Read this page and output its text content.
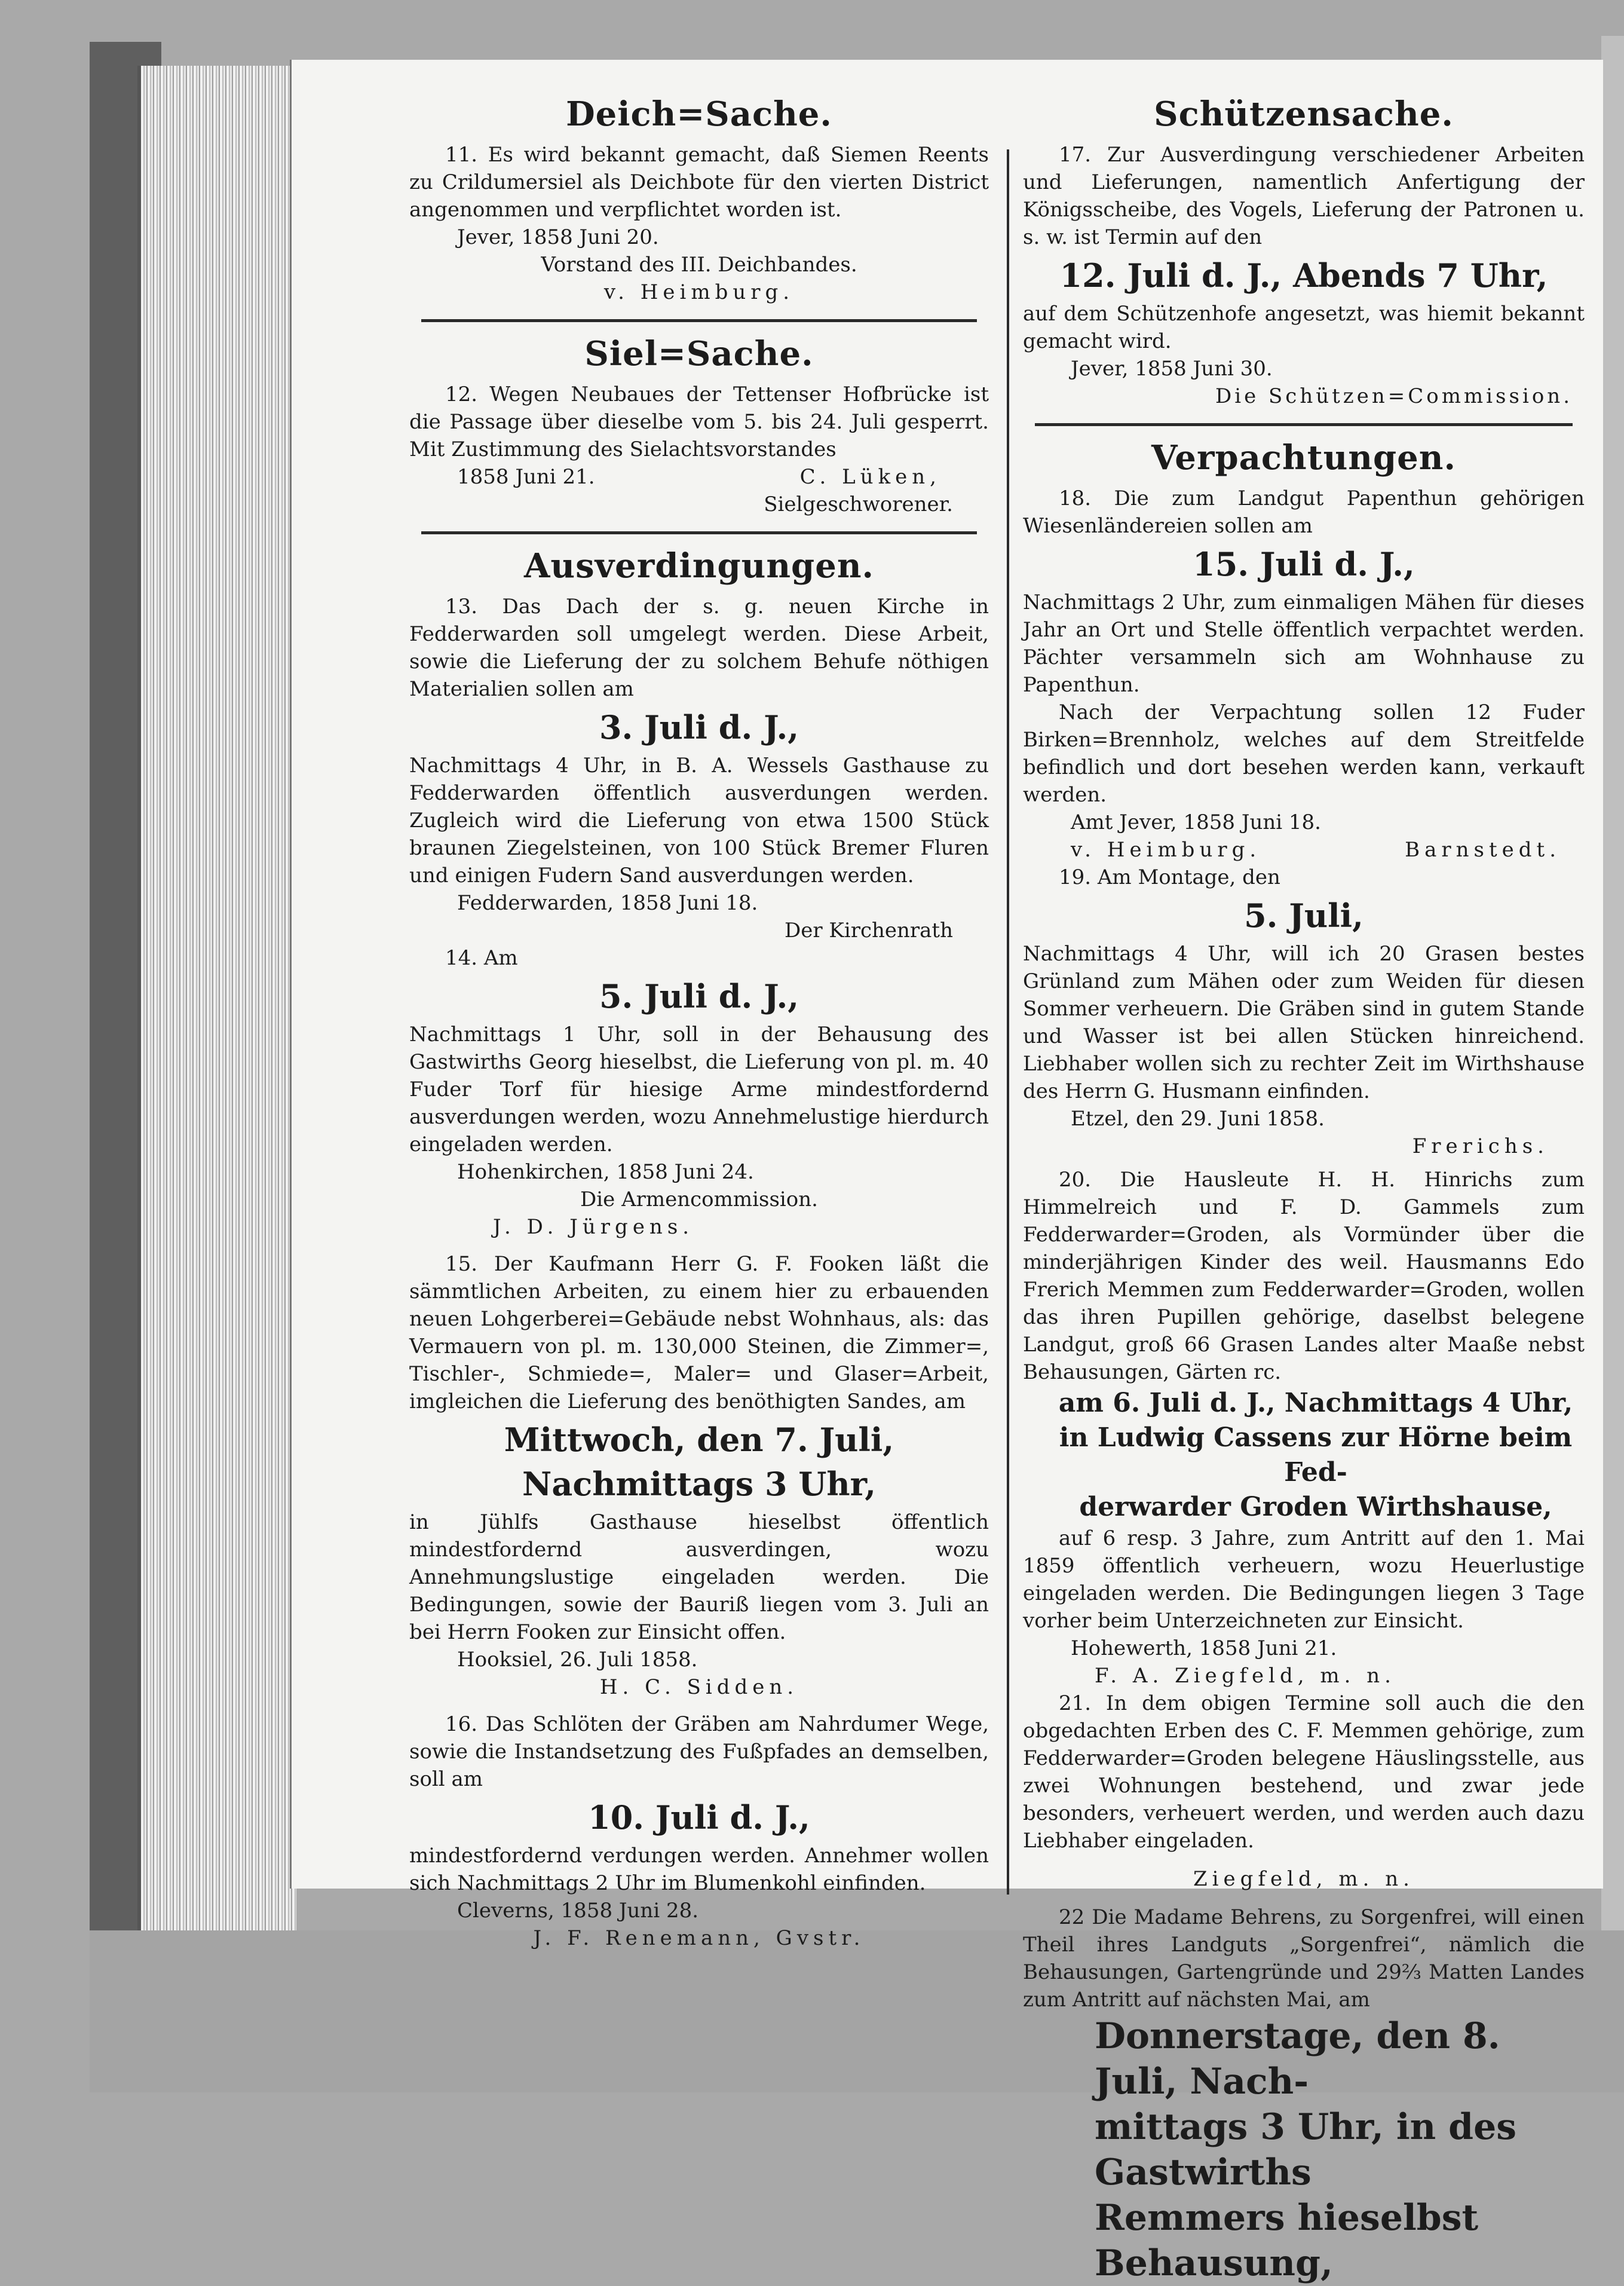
Deich=Sache.

11. Es wird bekannt gemacht, daß Siemen Reents zu Crildumersiel als Deichbote für den vierten District angenommen und verpflichtet worden ist.

Jever, 1858 Juni 20.
Vorstand des III. Deichbandes.
v. Heimburg.
Siel=Sache.

12. Wegen Neubaues der Tettenser Hofbrücke ist die Passage über dieselbe vom 5. bis 24. Juli gesperrt. Mit Zustimmung des Sielachtsvorstandes

1858 Juni 21.	C. Lüken,
Sielgeschworener.
Ausverdingungen.

13. Das Dach der s. g. neuen Kirche in Fedderwarden soll umgelegt werden. Diese Arbeit, sowie die Lieferung der zu solchem Behufe nöthigen Materialien sollen am

3. Juli d. J.,

Nachmittags 4 Uhr, in B. A. Wessels Gasthause zu Fedderwarden öffentlich ausverdungen werden. Zugleich wird die Lieferung von etwa 1500 Stück braunen Ziegelsteinen, von 100 Stück Bremer Fluren und einigen Fudern Sand ausverdungen werden.

Fedderwarden, 1858 Juni 18.
Der Kirchenrath
14. Am
5. Juli d. J.,

Nachmittags 1 Uhr, soll in der Behausung des Gastwirths Georg hieselbst, die Lieferung von pl. m. 40 Fuder Torf für hiesige Arme mindestfordernd ausverdungen werden, wozu Annehmelustige hierdurch eingeladen werden.

Hohenkirchen, 1858 Juni 24.
Die Armencommission.
J. D. Jürgens.

15. Der Kaufmann Herr G. F. Fooken läßt die sämmtlichen Arbeiten, zu einem hier zu erbauenden neuen Lohgerberei=Gebäude nebst Wohnhaus, als: das Vermauern von pl. m. 130,000 Steinen, die Zimmer=, Tischler-, Schmiede=, Maler= und Glaser=Arbeit, imgleichen die Lieferung des benöthigten Sandes, am

Mittwoch, den 7. Juli,
Nachmittags 3 Uhr,

in Jühlfs Gasthause hieselbst öffentlich mindestfordernd ausverdingen, wozu Annehmungslustige eingeladen werden. Die Bedingungen, sowie der Bauriß liegen vom 3. Juli an bei Herrn Fooken zur Einsicht offen.

Hooksiel, 26. Juli 1858.
H. C. Sidden.

16. Das Schlöten der Gräben am Nahrdumer Wege, sowie die Instandsetzung des Fußpfades an demselben, soll am

10. Juli d. J.,

mindestfordernd verdungen werden. Annehmer wollen sich Nachmittags 2 Uhr im Blumenkohl einfinden.

Cleverns, 1858 Juni 28.
J. F. Renemann, Gvstr.
Schützensache.

17. Zur Ausverdingung verschiedener Arbeiten und Lieferungen, namentlich Anfertigung der Königsscheibe, des Vogels, Lieferung der Patronen u. s. w. ist Termin auf den

12. Juli d. J., Abends 7 Uhr,

auf dem Schützenhofe angesetzt, was hiemit bekannt gemacht wird.

Jever, 1858 Juni 30.
Die Schützen=Commission.
Verpachtungen.

18. Die zum Landgut Papenthun gehörigen Wiesenländereien sollen am

15. Juli d. J.,

Nachmittags 2 Uhr, zum einmaligen Mähen für dieses Jahr an Ort und Stelle öffentlich verpachtet werden. Pächter versammeln sich am Wohnhause zu Papenthun.

Nach der Verpachtung sollen 12 Fuder Birken=Brennholz, welches auf dem Streitfelde befindlich und dort besehen werden kann, verkauft werden.

Amt Jever, 1858 Juni 18.
v. Heimburg.	Barnstedt.
19. Am Montage, den
5. Juli,

Nachmittags 4 Uhr, will ich 20 Grasen bestes Grünland zum Mähen oder zum Weiden für diesen Sommer verheuern. Die Gräben sind in gutem Stande und Wasser ist bei allen Stücken hinreichend. Liebhaber wollen sich zu rechter Zeit im Wirthshause des Herrn G. Husmann einfinden.

Etzel, den 29. Juni 1858.
Frerichs.

20. Die Hausleute H. H. Hinrichs zum Himmelreich und F. D. Gammels zum Fedderwarder=Groden, als Vormünder über die minderjährigen Kinder des weil. Hausmanns Edo Frerich Memmen zum Fedderwarder=Groden, wollen das ihren Pupillen gehörige, daselbst belegene Landgut, groß 66 Grasen Landes alter Maaße nebst Behausungen, Gärten rc.

am 6. Juli d. J., Nachmittags 4 Uhr,
in Ludwig Cassens zur Hörne beim Fed-
derwarder Groden Wirthshause,

auf 6 resp. 3 Jahre, zum Antritt auf den 1. Mai 1859 öffentlich verheuern, wozu Heuerlustige eingeladen werden. Die Bedingungen liegen 3 Tage vorher beim Unterzeichneten zur Einsicht.

Hohewerth, 1858 Juni 21.
F. A. Ziegfeld, m. n.

21. In dem obigen Termine soll auch die den obgedachten Erben des C. F. Memmen gehörige, zum Fedderwarder=Groden belegene Häuslingsstelle, aus zwei Wohnungen bestehend, und zwar jede besonders, verheuert werden, und werden auch dazu Liebhaber eingeladen.

Ziegfeld, m. n.

22 Die Madame Behrens, zu Sorgenfrei, will einen Theil ihres Landguts „Sorgenfrei“, nämlich die Behausungen, Gartengründe und 29⅔ Matten Landes zum Antritt auf nächsten Mai, am

Donnerstage, den 8. Juli, Nach-
mittags 3 Uhr, in des Gastwirths
Remmers hieselbst Behausung,
